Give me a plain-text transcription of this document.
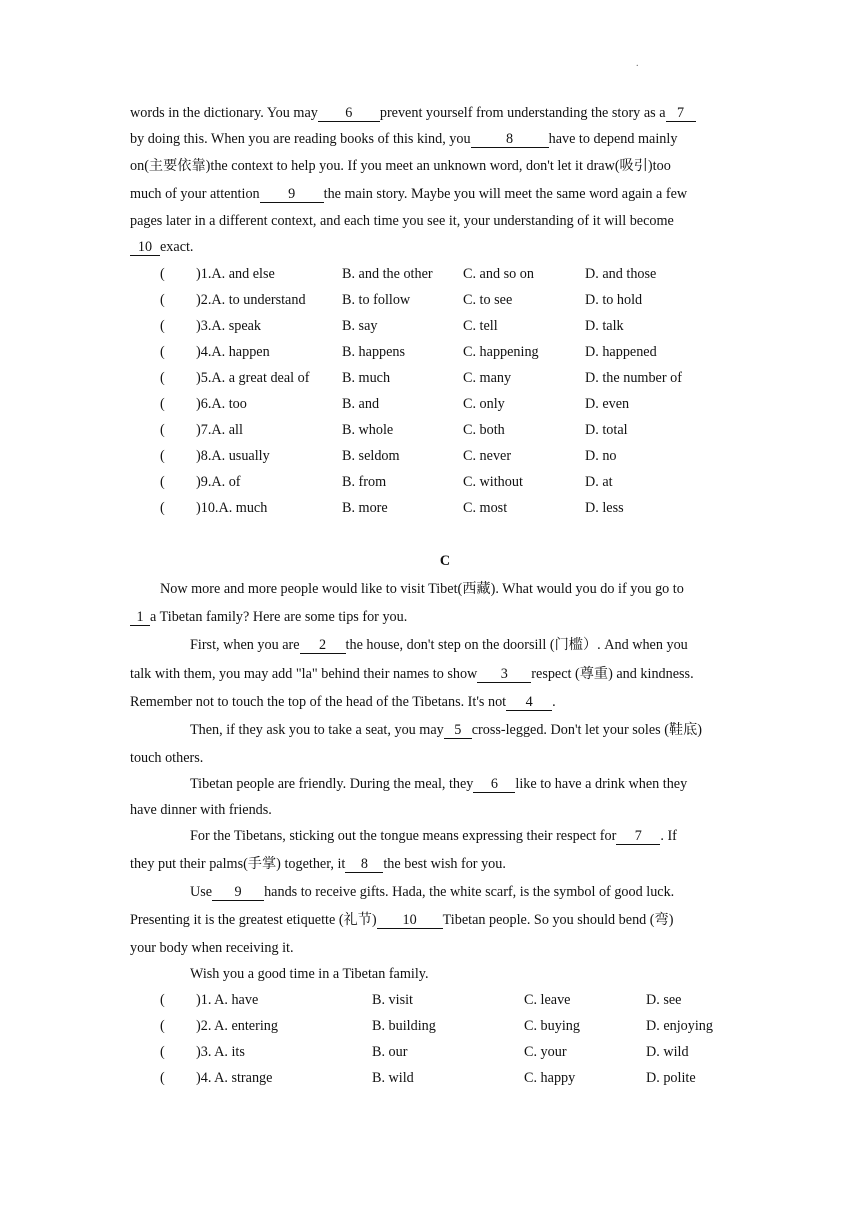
.
words in the dictionary. You may 6 prevent yourself from understanding the story as a 7
by doing this. When you are reading books of this kind, you 8 have to depend mainly
on(主要依靠)the context to help you. If you meet an unknown word, don't let it draw(吸引)too
much of your attention 9 the main story. Maybe you will meet the same word again a few
pages later in a different context, and each time you see it, your understanding of it will become
10 exact.
( )1.A. and else	B. and the other C. and so on	D. and those
( )2.A. to understand	B. to follow	C. to see	D. to hold
( )3.A. speak	B. say	C. tell	D. talk
( )4.A. happen	B. happens	C. happening	D. happened
( )5.A. a great deal of B. much	C. many	D. the number of
( )6.A. too	B. and	C. only	D. even
( )7.A. all	B. whole	C. both	D. total
( )8.A. usually	B. seldom	C. never	D. no
( )9.A. of	B. from	C. without	D. at
( )10.A. much	B. more	C. most	D. less
C
Now more and more people would like to visit Tibet(西藏). What would you do if you go to
1 a Tibetan family? Here are some tips for you.
First, when you are 2 the house, don't step on the doorsill (门槛）. And when you
talk with them, you may add "la" behind their names to show 3 respect (尊重) and kindness.
Remember not to touch the top of the head of the Tibetans. It's not 4 .
Then, if they ask you to take a seat, you may 5 cross-legged. Don't let your soles (鞋底)
touch others.
Tibetan people are friendly. During the meal, they 6 like to have a drink when they
have dinner with friends.
For the Tibetans, sticking out the tongue means expressing their respect for 7 . If
they put their palms(手掌) together, it 8 the best wish for you.
Use 9 hands to receive gifts. Hada, the white scarf, is the symbol of good luck.
Presenting it is the greatest etiquette (礼节) 10 Tibetan people. So you should bend (弯)
your body when receiving it.
Wish you a good time in a Tibetan family.
( )1. A. have	B. visit	C. leave	D. see
( )2. A. entering	B. building	C. buying	D. enjoying
( )3. A. its	B. our	C. your	D. wild
( )4. A. strange	B. wild	C. happy	D. polite
